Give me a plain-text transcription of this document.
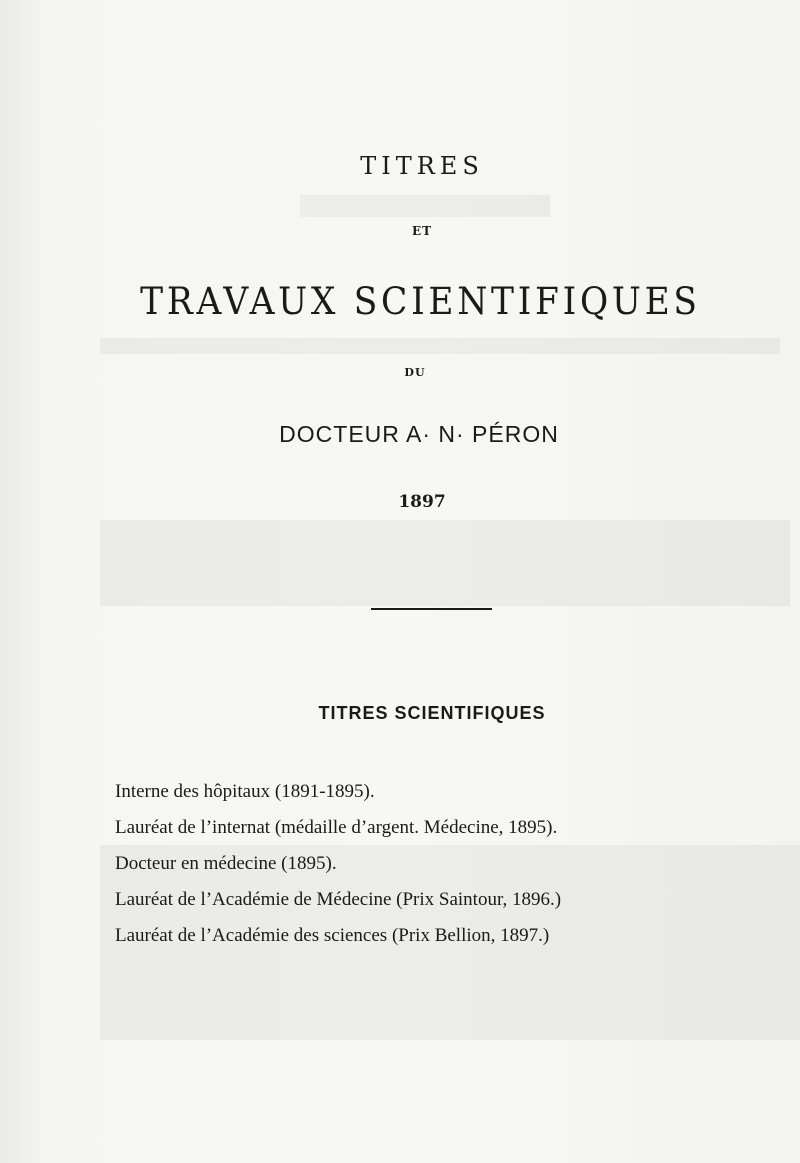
TITRES
ET
TRAVAUX SCIENTIFIQUES
DU
DOCTEUR A· N· PÉRON
1897
TITRES SCIENTIFIQUES
Interne des hôpitaux (1891-1895).
Lauréat de l’internat (médaille d’argent. Médecine, 1895).
Docteur en médecine (1895).
Lauréat de l’Académie de Médecine (Prix Saintour, 1896.)
Lauréat de l’Académie des sciences (Prix Bellion, 1897.)
